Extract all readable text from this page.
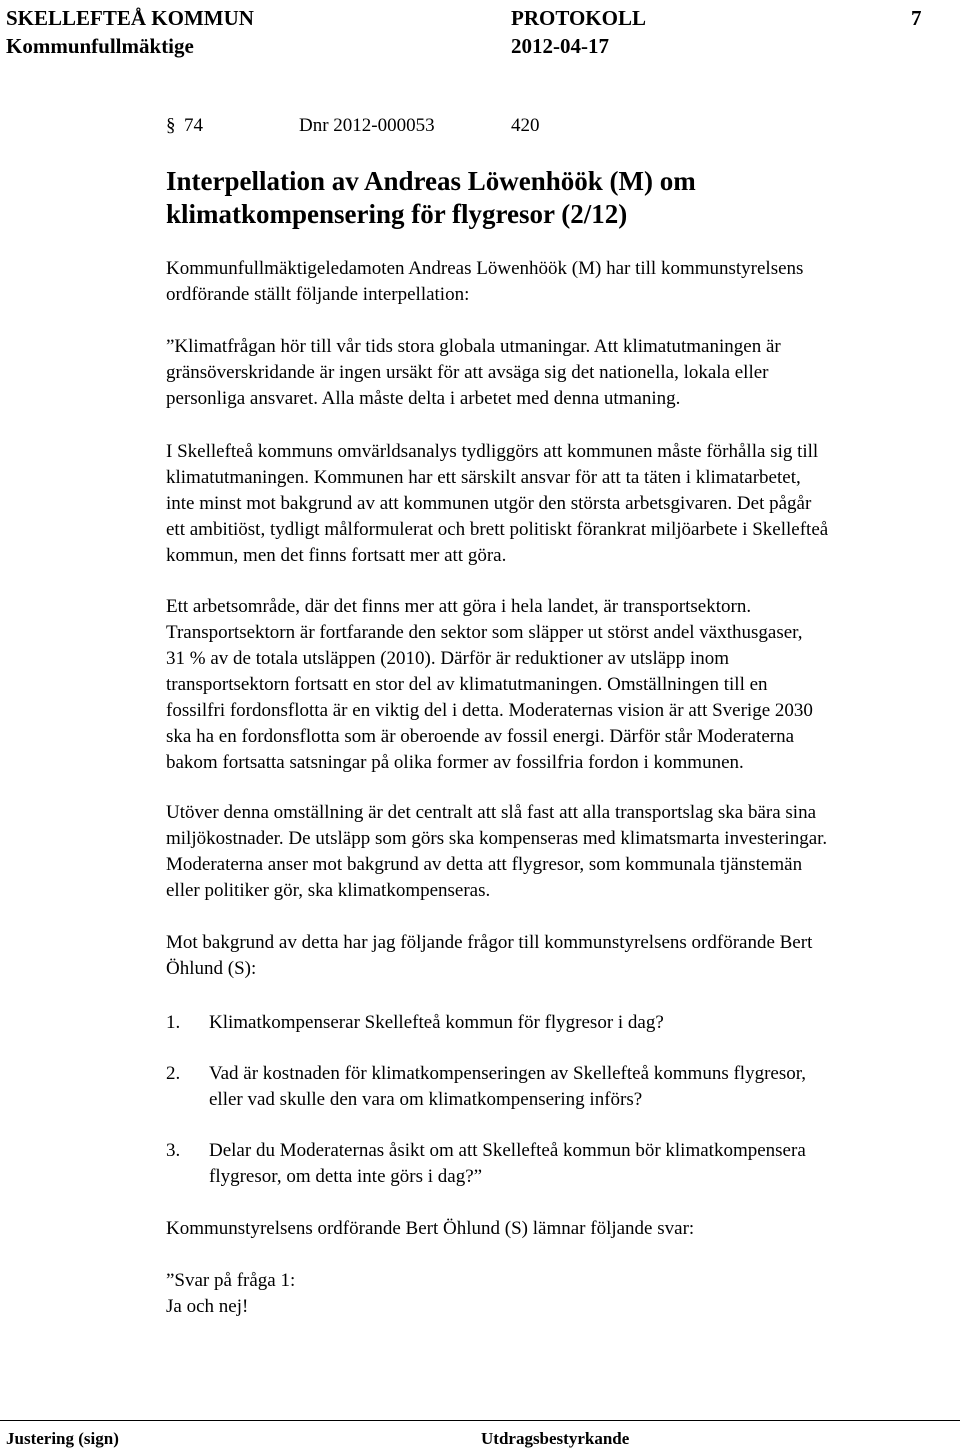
SKELLEFTEÅ KOMMUN	PROTOKOLL	7
Kommunfullmäktige	2012-04-17
§ 74	Dnr 2012-000053	420
Interpellation av Andreas Löwenhöök (M) om
klimatkompensering för flygresor (2/12)
Kommunfullmäktigeledamoten Andreas Löwenhöök (M) har till kommunstyrelsens
ordförande ställt följande interpellation:
”Klimatfrågan hör till vår tids stora globala utmaningar. Att klimatutmaningen är
gränsöverskridande är ingen ursäkt för att avsäga sig det nationella, lokala eller
personliga ansvaret. Alla måste delta i arbetet med denna utmaning.
I Skellefteå kommuns omvärldsanalys tydliggörs att kommunen måste förhålla sig till
klimatutmaningen. Kommunen har ett särskilt ansvar för att ta täten i klimatarbetet,
inte minst mot bakgrund av att kommunen utgör den största arbetsgivaren. Det pågår
ett ambitiöst, tydligt målformulerat och brett politiskt förankrat miljöarbete i Skellefteå
kommun, men det finns fortsatt mer att göra.
Ett arbetsområde, där det finns mer att göra i hela landet, är transportsektorn.
Transportsektorn är fortfarande den sektor som släpper ut störst andel växthusgaser,
31 % av de totala utsläppen (2010). Därför är reduktioner av utsläpp inom
transportsektorn fortsatt en stor del av klimatutmaningen. Omställningen till en
fossilfri fordonsflotta är en viktig del i detta. Moderaternas vision är att Sverige 2030
ska ha en fordonsflotta som är oberoende av fossil energi. Därför står Moderaterna
bakom fortsatta satsningar på olika former av fossilfria fordon i kommunen.
Utöver denna omställning är det centralt att slå fast att alla transportslag ska bära sina
miljökostnader. De utsläpp som görs ska kompenseras med klimatsmarta investeringar.
Moderaterna anser mot bakgrund av detta att flygresor, som kommunala tjänstemän
eller politiker gör, ska klimatkompenseras.
Mot bakgrund av detta har jag följande frågor till kommunstyrelsens ordförande Bert
Öhlund (S):
1. Klimatkompenserar Skellefteå kommun för flygresor i dag?
2. Vad är kostnaden för klimatkompenseringen av Skellefteå kommuns flygresor,
eller vad skulle den vara om klimatkompensering införs?
3. Delar du Moderaternas åsikt om att Skellefteå kommun bör klimatkompensera
flygresor, om detta inte görs i dag?”
Kommunstyrelsens ordförande Bert Öhlund (S) lämnar följande svar:
”Svar på fråga 1:
Ja och nej!
Justering (sign)	Utdragsbestyrkande
